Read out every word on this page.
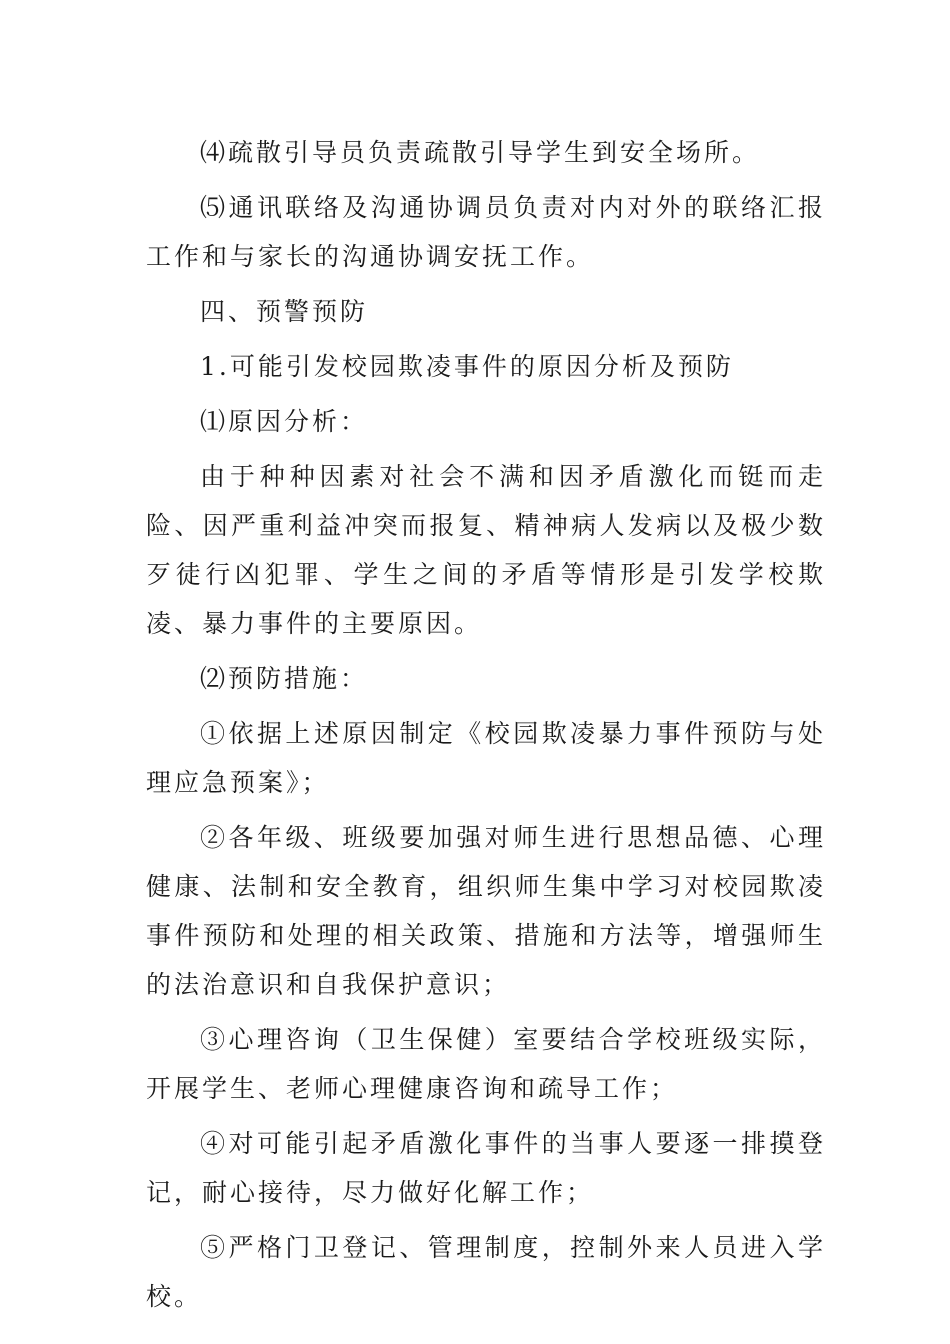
⑷疏散引导员负责疏散引导学生到安全场所。

⑸通讯联络及沟通协调员负责对内对外的联络汇报工作和与家长的沟通协调安抚工作。

四、预警预防

1.可能引发校园欺凌事件的原因分析及预防

⑴原因分析：

由于种种因素对社会不满和因矛盾激化而铤而走险、因严重利益冲突而报复、精神病人发病以及极少数歹徒行凶犯罪、学生之间的矛盾等情形是引发学校欺凌、暴力事件的主要原因。

⑵预防措施：

①依据上述原因制定《校园欺凌暴力事件预防与处理应急预案》；

②各年级、班级要加强对师生进行思想品德、心理健康、法制和安全教育，组织师生集中学习对校园欺凌事件预防和处理的相关政策、措施和方法等，增强师生的法治意识和自我保护意识；

③心理咨询（卫生保健）室要结合学校班级实际，开展学生、老师心理健康咨询和疏导工作；

④对可能引起矛盾激化事件的当事人要逐一排摸登记，耐心接待，尽力做好化解工作；

⑤严格门卫登记、管理制度，控制外来人员进入学校。
